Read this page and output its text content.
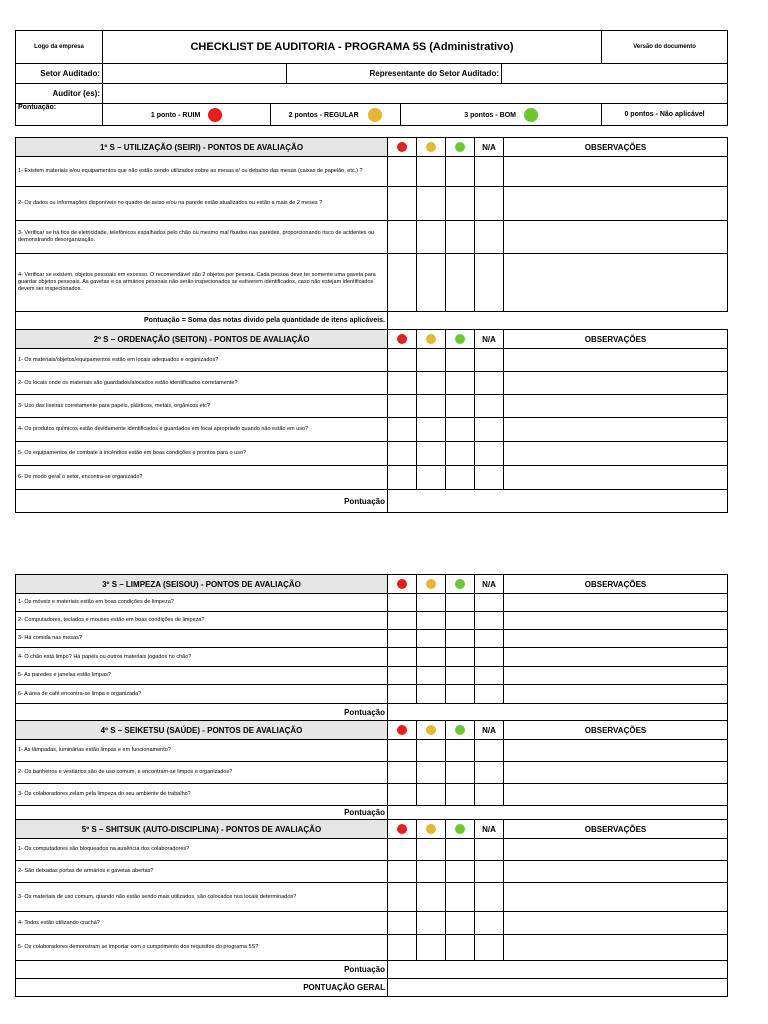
Logo da empresa	CHECKLIST DE AUDITORIA - PROGRAMA 5S (Administrativo)					Versão do documento
Setor Auditado:			Representante do Setor Auditado:			
Auditor (es):						
Pontuação:	1 ponto - RUIM	2 pontos - REGULAR		3 pontos - BOM		0 pontos - Não aplicável
1º S – UTILIZAÇÃO (SEIRI) - PONTOS DE AVALIAÇÃO				N/A	OBSERVAÇÕES
1- Existem materiais e/ou equipamentos que não estão sendo utilizados sobre as mesas e/ ou debaixo das mesas (caixas de papelão, etc.) ?					
2- Os dados ou informações disponíveis no quadro de aviso e/ou na parede estão atualizados ou estão a mais de 2 meses ?					
3- Verificar se há fios de eletricidade, telefônicos espalhados pelo chão ou mesmo mal fixados nas paredes, proporcionando risco de acidentes ou demonstrando desorganização.					
4- Verificar se existem, objetos pessoais em excesso. O recomendável são 2 objetos por pessoa. Cada pessoa deve ter somente uma gaveta para guardar objetos pessoais. As gavetas e os armários pessoais não serão inspecionados se estiverem identificados, caso não estejam identificados devem ser inspecionados.					
Pontuação = Soma das notas divido pela quantidade de itens aplicáveis.					
2º S – ORDENAÇÃO (SEITON) - PONTOS DE AVALIAÇÃO				N/A	OBSERVAÇÕES
1- Os materiais/objetos/equipamentos estão em locais adequados e organizados?					
2- Os locais onde os materiais são guardados/alocados estão identificados corretamente?					
3- Uso das lixeiras corretamente para papéis, plásticos, metais, orgânicos etc?					
4- Os produtos químicos estão devidamente identificados e guardados em local apropriado quando não estão em uso?					
5- Os equipamentos de combate à incêndios estão em boas condições e prontos para o uso?					
6- De modo geral o setor, encontra-se organizado?					
Pontuação					
3º S – LIMPEZA (SEISOU) - PONTOS DE AVALIAÇÃO				N/A	OBSERVAÇÕES
1- Os móveis e materiais estão em boas condições de limpeza?					
2- Computadores, teclados e mouses estão em boas condições de limpeza?					
3- Há comida nas mesas?					
4- O chão está limpo? Há papéis ou outros materiais jogados no chão?					
5- As paredes e janelas estão limpas?					
6- A área de café encontra-se limpa e organizada?					
Pontuação					
4º S – SEIKETSU (SAÚDE) - PONTOS DE AVALIAÇÃO				N/A	OBSERVAÇÕES
1- As lâmpadas, luminárias estão limpas e em funcionamento?					
2- Os banheiros e vestiários são de uso comum, e encontram-se limpos e organizados?					
3- Os colaboradores zelam pela limpeza do seu ambiente de trabalho?					
Pontuação					
5º S – SHITSUK (AUTO-DISCIPLINA) - PONTOS DE AVALIAÇÃO				N/A	OBSERVAÇÕES
1- Os computadores são bloqueados na ausência dos colaboradores?					
2- São deixadas portas de armários e gavetas abertas?					
3- Os materiais de uso comum, quando não estão sendo mais utilizados, são colocados nos locais determinados?					
4- Todos estão utilizando crachá?					
5- Os colaboradores demonstram se importar com o cumprimento dos requisitos do programa 5S?					
Pontuação					
PONTUAÇÃO GERAL					
